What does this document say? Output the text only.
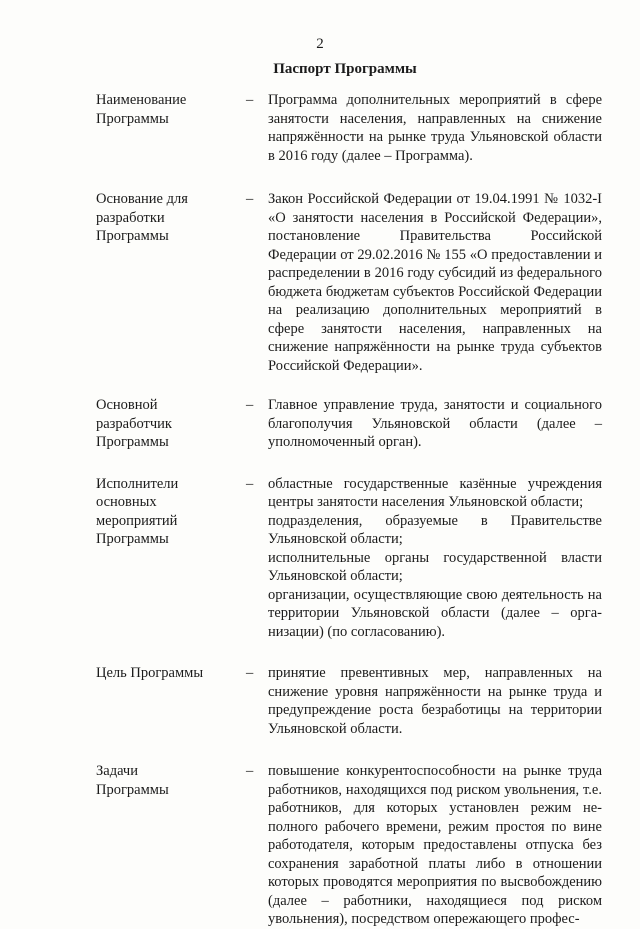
2
Паспорт Программы
Наименование
Программы
– Программа дополнительных мероприятий в сфере занятости населения, направленных на снижение напряжённости на рынке труда Ульяновской области в 2016 году (далее – Программа).

Основание для
разработки
Программы
– Закон Российской Федерации от 19.04.1991 № 1032-I «О занятости населения в Российской Федерации», постановление Правительства Российской Федерации от 29.02.2016 № 155 «О предоставлении и распределении в 2016 году субсидий из федерального бюджета бюджетам субъектов Российской Федерации на реализацию дополнительных мероприятий в сфере занятости населения, направленных на снижение напряжённости на рынке труда субъектов Российской Федерации».

Основной
разработчик
Программы
– Главное управление труда, занятости и социального благополучия Ульяновской области (далее – уполномоченный орган).

Исполнители
основных
мероприятий
Программы
– областные государственные казённые учреждения центры занятости населения Ульяновской области;

подразделения, образуемые в Правительстве Ульяновской области;

исполнительные органы государственной власти Ульяновской области;

организации, осуществляющие свою деятельность на территории Ульяновской области (далее – организации) (по согласованию).

Цель Программы	– принятие превентивных мер, направленных на снижение уровня напряжённости на рынке труда и предупреждение роста безработицы на территории Ульяновской области.

Задачи
Программы
– повышение конкурентоспособности на рынке труда работников, находящихся под риском увольнения, т.е. работников, для которых установлен режим неполного рабочего времени, режим простоя по вине работодателя, которым предоставлены отпуска без сохранения заработной платы либо в отношении которых проводятся мероприятия по высвобождению (далее – работники, находящиеся под риском увольнения), посредством опережающего профес-
